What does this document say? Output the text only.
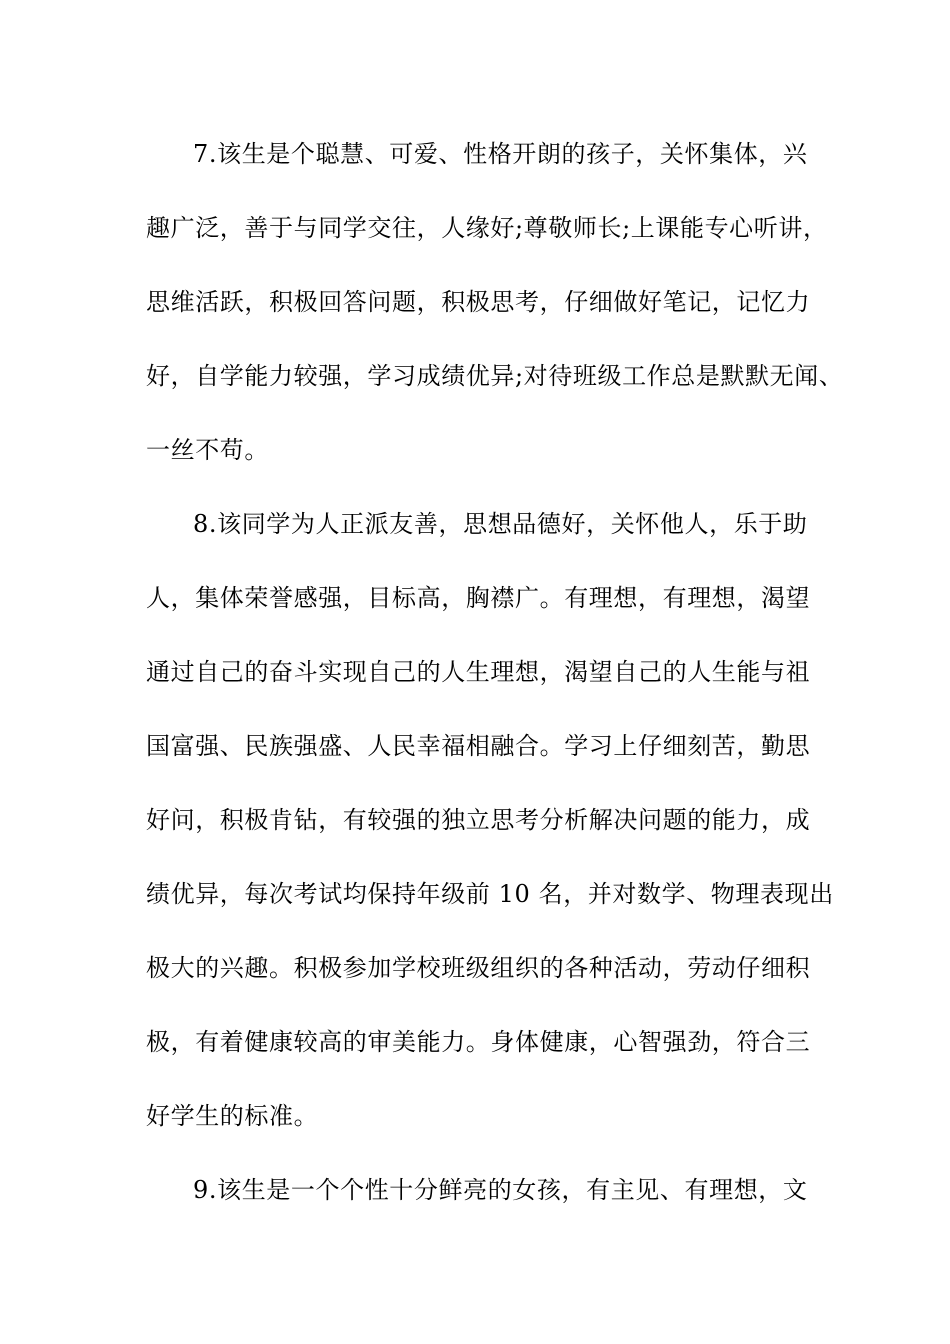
7.该生是个聪慧、可爱、性格开朗的孩子，关怀集体，兴
趣广泛，善于与同学交往，人缘好;尊敬师长;上课能专心听讲，
思维活跃，积极回答问题，积极思考，仔细做好笔记，记忆力
好，自学能力较强，学习成绩优异;对待班级工作总是默默无闻、
一丝不苟。
8.该同学为人正派友善，思想品德好，关怀他人，乐于助
人，集体荣誉感强，目标高，胸襟广。有理想，有理想，渴望
通过自己的奋斗实现自己的人生理想，渴望自己的人生能与祖
国富强、民族强盛、人民幸福相融合。学习上仔细刻苦，勤思
好问，积极肯钻，有较强的独立思考分析解决问题的能力，成
绩优异，每次考试均保持年级前 10 名，并对数学、物理表现出
极大的兴趣。积极参加学校班级组织的各种活动，劳动仔细积
极，有着健康较高的审美能力。身体健康，心智强劲，符合三
好学生的标准。
9.该生是一个个性十分鲜亮的女孩，有主见、有理想，文
